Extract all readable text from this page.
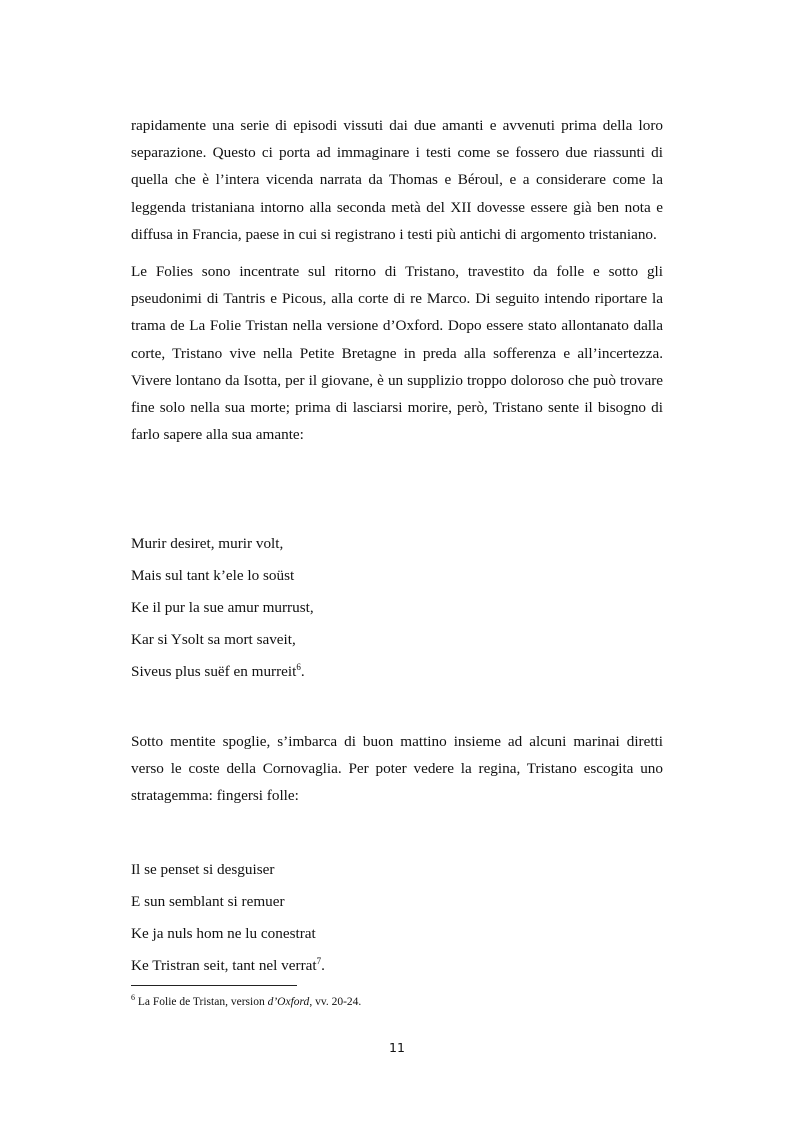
rapidamente una serie di episodi vissuti dai due amanti e avvenuti prima della loro separazione. Questo ci porta ad immaginare i testi come se fossero due riassunti di quella che è l’intera vicenda narrata da Thomas e Béroul, e a considerare come la leggenda tristaniana intorno alla seconda metà del XII dovesse essere già ben nota e diffusa in Francia, paese in cui si registrano i testi più antichi di argomento tristaniano.

Le Folies sono incentrate sul ritorno di Tristano, travestito da folle e sotto gli pseudonimi di Tantris e Picous, alla corte di re Marco. Di seguito intendo riportare la trama de La Folie Tristan nella versione d’Oxford. Dopo essere stato allontanato dalla corte, Tristano vive nella Petite Bretagne in preda alla sofferenza e all’incertezza. Vivere lontano da Isotta, per il giovane, è un supplizio troppo doloroso che può trovare fine solo nella sua morte; prima di lasciarsi morire, però, Tristano sente il bisogno di farlo sapere alla sua amante:

Murir desiret, murir volt,

Mais sul tant k’ele lo soüst

Ke il pur la sue amur murrust,

Kar si Ysolt sa mort saveit,

Siveus plus suëf en murreit$^6$.

Sotto mentite spoglie, s’imbarca di buon mattino insieme ad alcuni marinai diretti verso le coste della Cornovaglia. Per poter vedere la regina, Tristano escogita uno stratagemma: fingersi folle:

Il se penset si desguiser

E sun semblant si remuer

Ke ja nuls hom ne lu conestrat

Ke Tristran seit, tant nel verrat$^7$.

$^6$ La Folie de Tristan, version d’Oxford, vv. 20-24.
11
